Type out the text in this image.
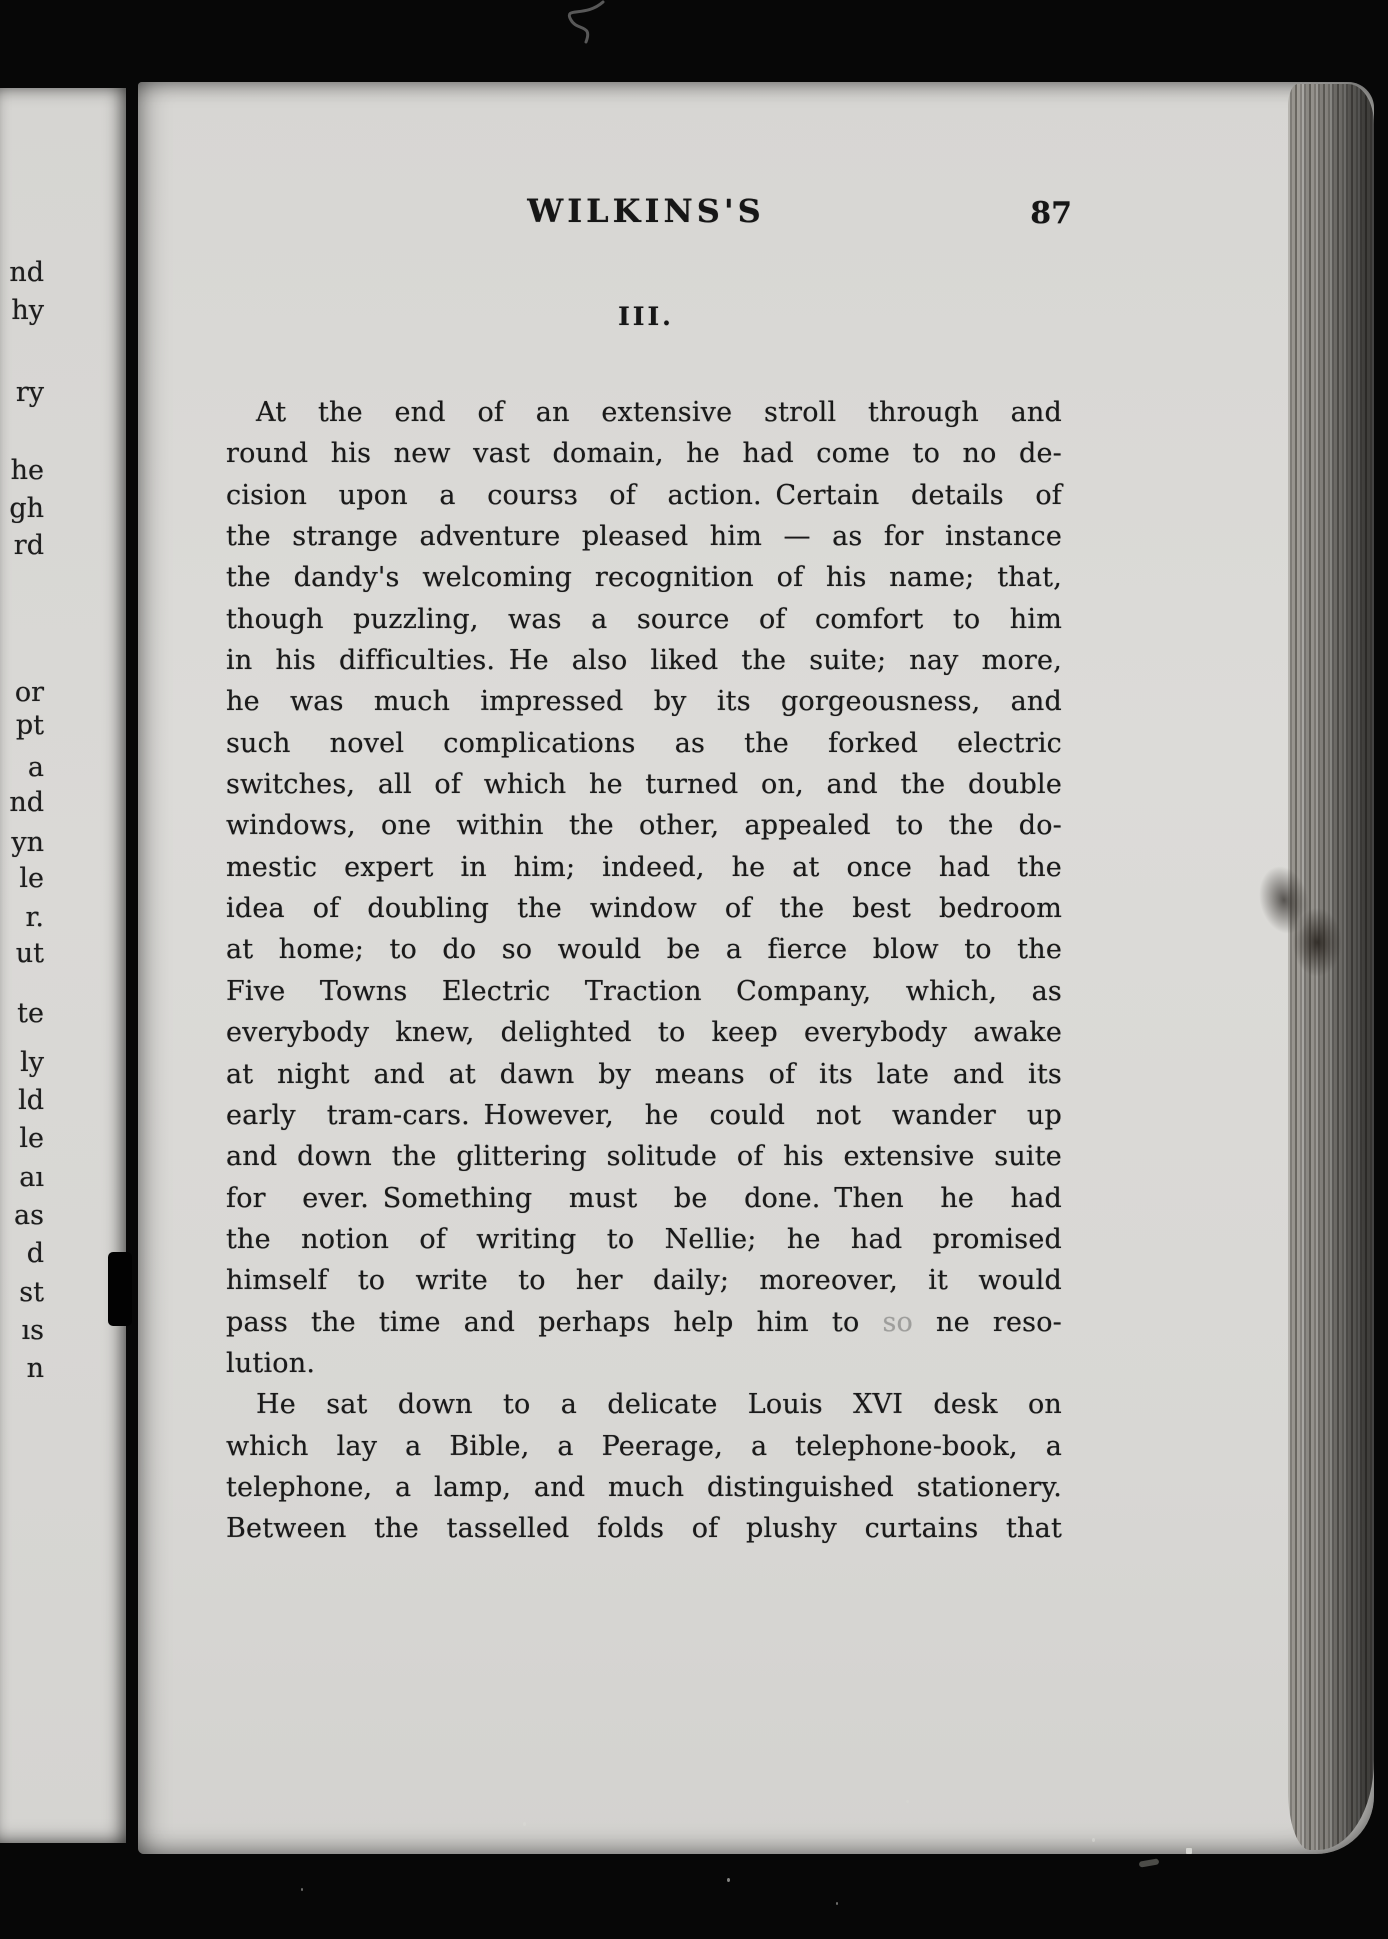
nd
hy
ry
he
gh
rd
or
pt
a
nd
yn
le
r.
ut
te
ly
ld
le
aı
as
d
st
ıs
n
WILKINS'S	87
III.
At the end of an extensive stroll through and
round his new vast domain, he had come to no de-
cision upon a coursɜ of action. Certain details of
the strange adventure pleased him — as for instance
the dandy's welcoming recognition of his name; that,
though puzzling, was a source of comfort to him
in his difficulties. He also liked the suite; nay more,
he was much impressed by its gorgeousness, and
such novel complications as the forked electric
switches, all of which he turned on, and the double
windows, one within the other, appealed to the do-
mestic expert in him; indeed, he at once had the
idea of doubling the window of the best bedroom
at home; to do so would be a fierce blow to the
Five Towns Electric Traction Company, which, as
everybody knew, delighted to keep everybody awake
at night and at dawn by means of its late and its
early tram-cars. However, he could not wander up
and down the glittering solitude of his extensive suite
for ever. Something must be done. Then he had
the notion of writing to Nellie; he had promised
himself to write to her daily; moreover, it would
pass the time and perhaps help him to so ne reso-
lution.
He sat down to a delicate Louis XVI desk on
which lay a Bible, a Peerage, a telephone-book, a
telephone, a lamp, and much distinguished stationery.
Between the tasselled folds of plushy curtains that
